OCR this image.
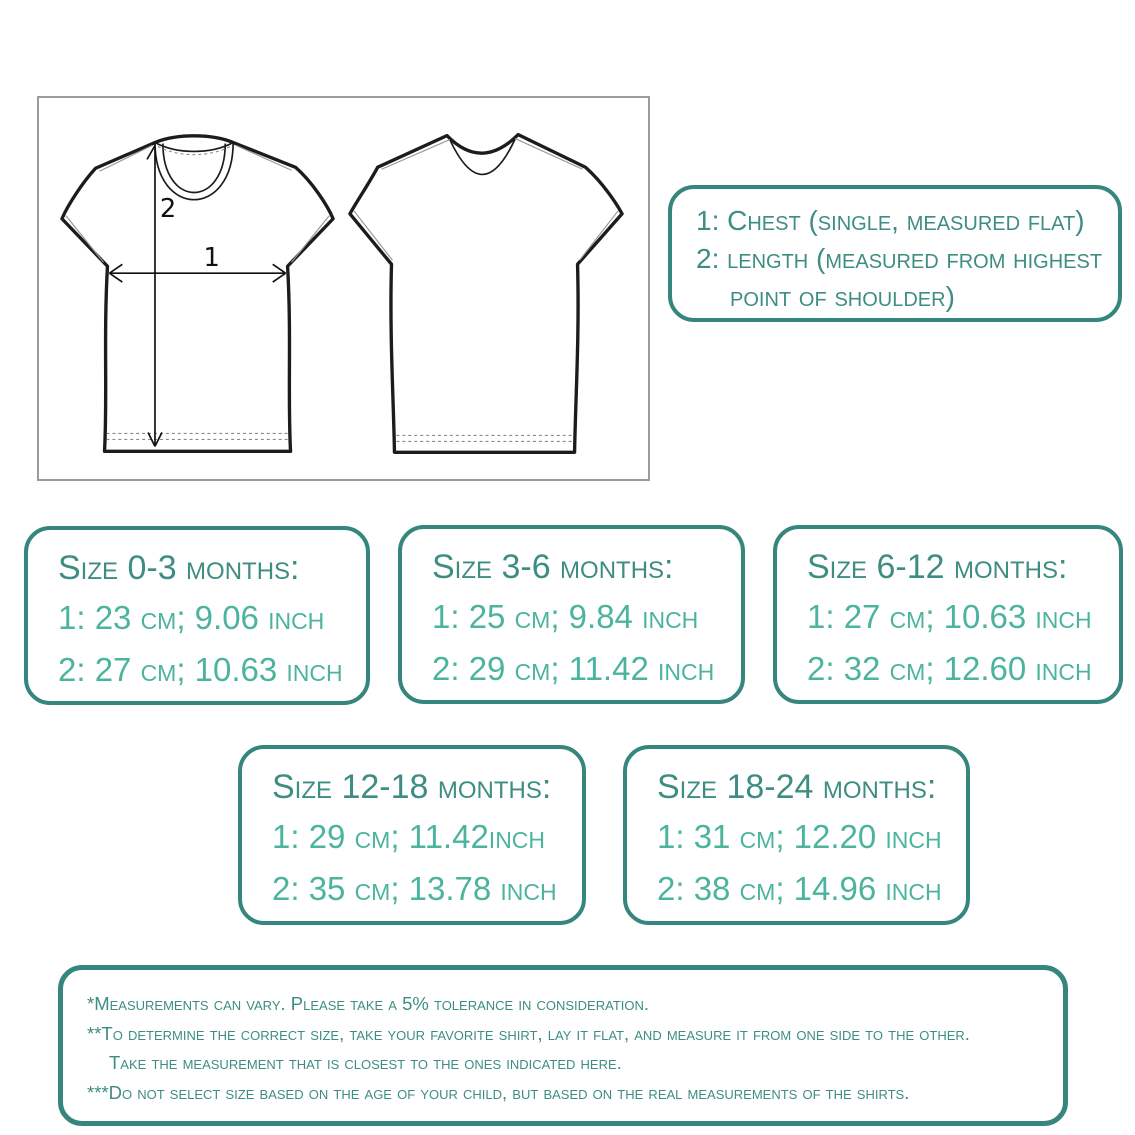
2
1
1: Chest (single, measured flat)
2: length (measured from highest
point of shoulder)
Size 0-3 months:
1: 23 cm; 9.06 inch
2: 27 cm; 10.63 inch
Size 3-6 months:
1: 25 cm; 9.84 inch
2: 29 cm; 11.42 inch
Size 6-12 months:
1: 27 cm; 10.63 inch
2: 32 cm; 12.60 inch
Size 12-18 months:
1: 29 cm; 11.42inch
2: 35 cm; 13.78 inch
Size 18-24 months:
1: 31 cm; 12.20 inch
2: 38 cm; 14.96 inch
*Measurements can vary. Please take a 5% tolerance in consideration.
**To determine the correct size, take your favorite shirt, lay it flat, and measure it from one side to the other.
Take the measurement that is closest to the ones indicated here.
***Do not select size based on the age of your child, but based on the real measurements of the shirts.
